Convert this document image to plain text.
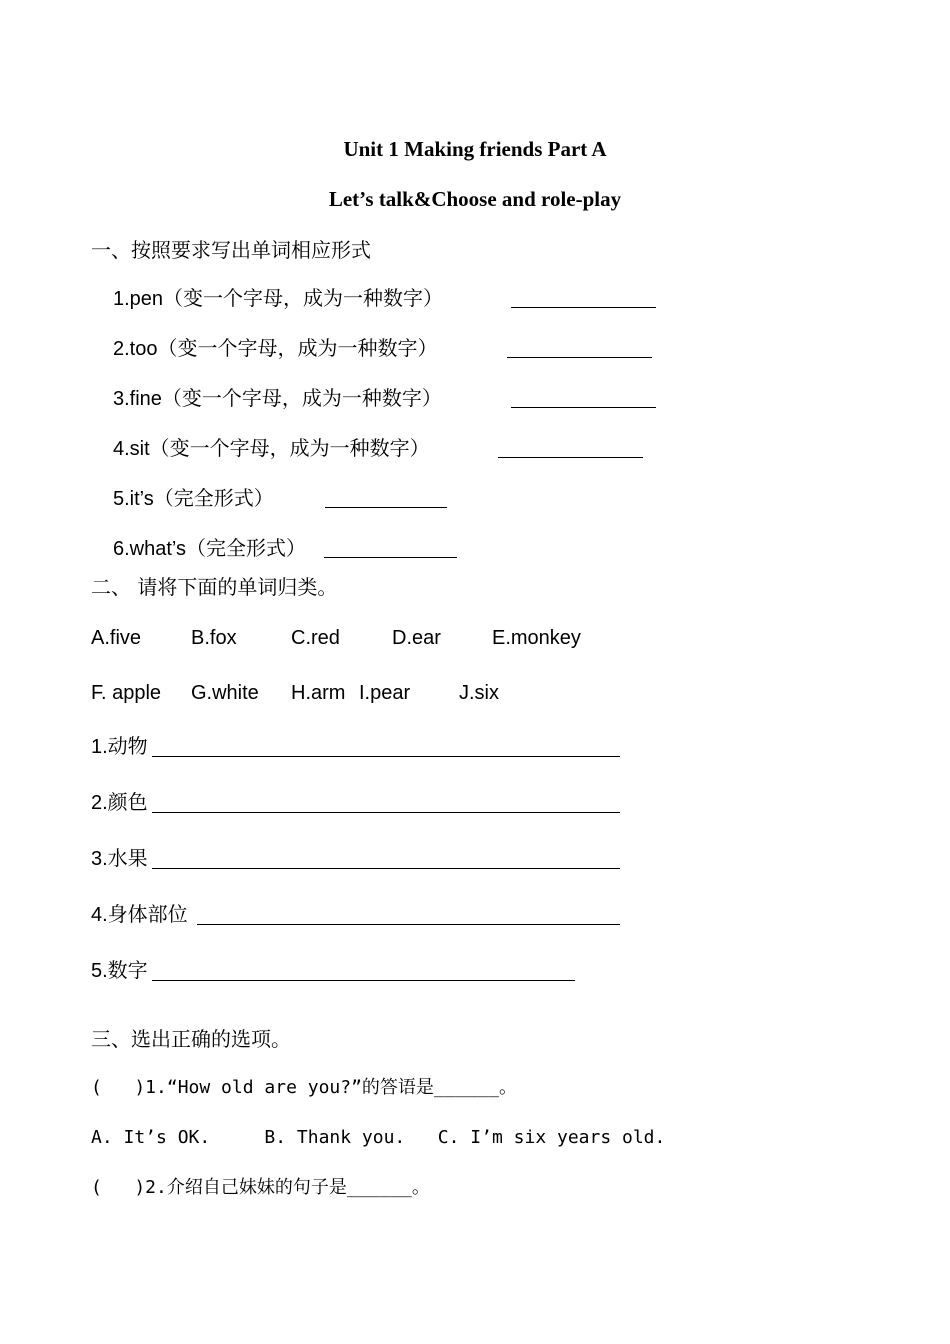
Unit 1 Making friends Part A
Let’s talk&Choose and role-play
一、按照要求写出单词相应形式
1.pen（变一个字母，成为一种数字）
2.too（变一个字母，成为一种数字）
3.fine（变一个字母，成为一种数字）
4.sit（变一个字母，成为一种数字）
5.it’s（完全形式）
6.what’s（完全形式）
二、 请将下面的单词归类。
A.five B.fox	C.red	D.ear	E.monkey
F. apple G.white H.arm I.pear J.six
1.动物
2.颜色
3.水果
4.身体部位
5.数字
三、选出正确的选项。
(   )1.“How old are you?”的答语是______。
A. It’s OK.     B. Thank you.   C. I’m six years old.
(   )2.介绍自己妹妹的句子是______。
